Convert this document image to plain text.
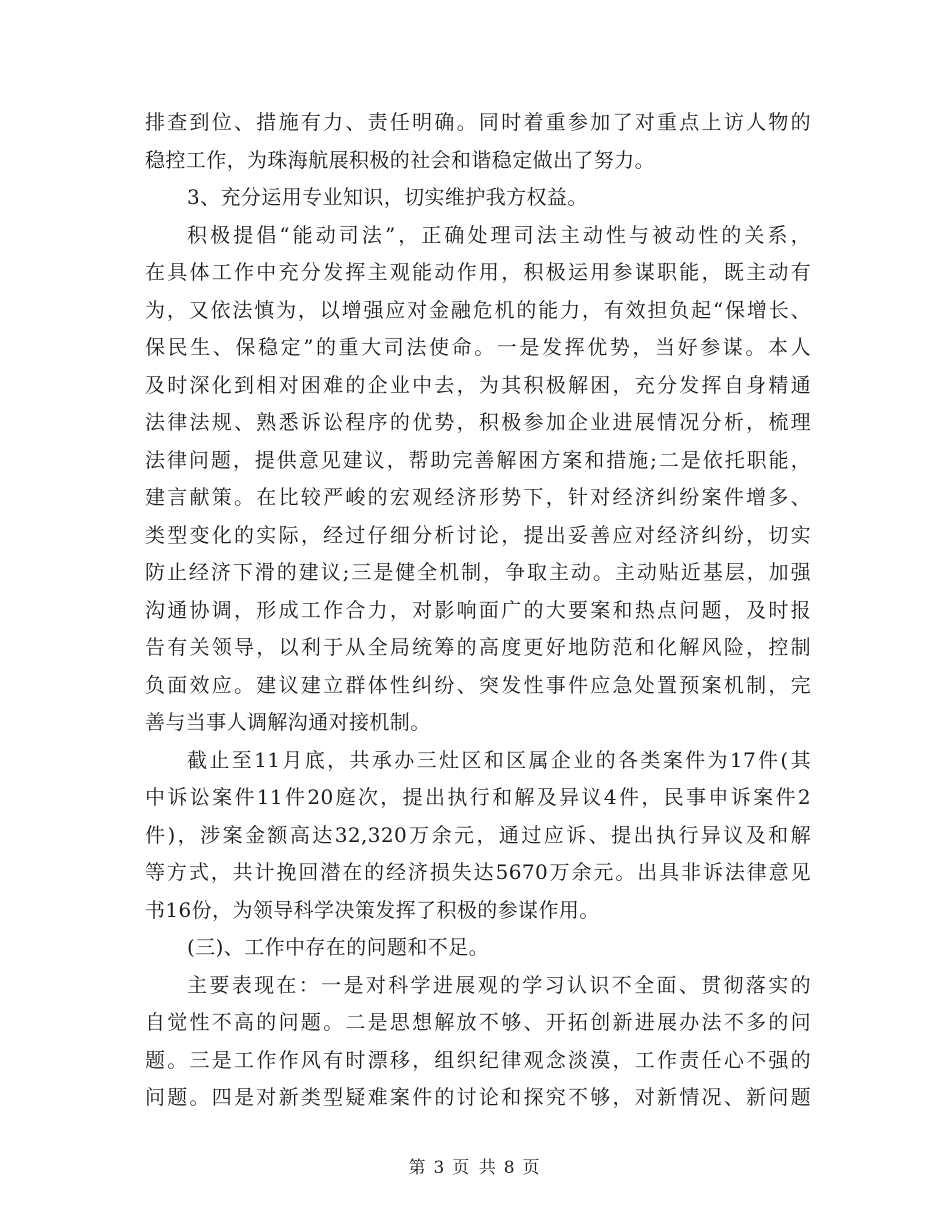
排查到位、措施有力、责任明确。同时着重参加了对重点上访人物的
稳控工作，为珠海航展积极的社会和谐稳定做出了努力。
3、充分运用专业知识，切实维护我方权益。
积极提倡“能动司法”，正确处理司法主动性与被动性的关系，
在具体工作中充分发挥主观能动作用，积极运用参谋职能，既主动有
为，又依法慎为，以增强应对金融危机的能力，有效担负起“保增长、
保民生、保稳定”的重大司法使命。一是发挥优势，当好参谋。本人
及时深化到相对困难的企业中去，为其积极解困，充分发挥自身精通
法律法规、熟悉诉讼程序的优势，积极参加企业进展情况分析，梳理
法律问题，提供意见建议，帮助完善解困方案和措施;二是依托职能，
建言献策。在比较严峻的宏观经济形势下，针对经济纠纷案件增多、
类型变化的实际，经过仔细分析讨论，提出妥善应对经济纠纷，切实
防止经济下滑的建议;三是健全机制，争取主动。主动贴近基层，加强
沟通协调，形成工作合力，对影响面广的大要案和热点问题，及时报
告有关领导，以利于从全局统筹的高度更好地防范和化解风险，控制
负面效应。建议建立群体性纠纷、突发性事件应急处置预案机制，完
善与当事人调解沟通对接机制。
截止至11月底，共承办三灶区和区属企业的各类案件为17件(其
中诉讼案件11件20庭次，提出执行和解及异议4件，民事申诉案件2
件)，涉案金额高达32,320万余元，通过应诉、提出执行异议及和解
等方式，共计挽回潜在的经济损失达5670万余元。出具非诉法律意见
书16份，为领导科学决策发挥了积极的参谋作用。
(三)、工作中存在的问题和不足。
主要表现在：一是对科学进展观的学习认识不全面、贯彻落实的
自觉性不高的问题。二是思想解放不够、开拓创新进展办法不多的问
题。三是工作作风有时漂移，组织纪律观念淡漠，工作责任心不强的
问题。四是对新类型疑难案件的讨论和探究不够，对新情况、新问题
第 3 页 共 8 页
